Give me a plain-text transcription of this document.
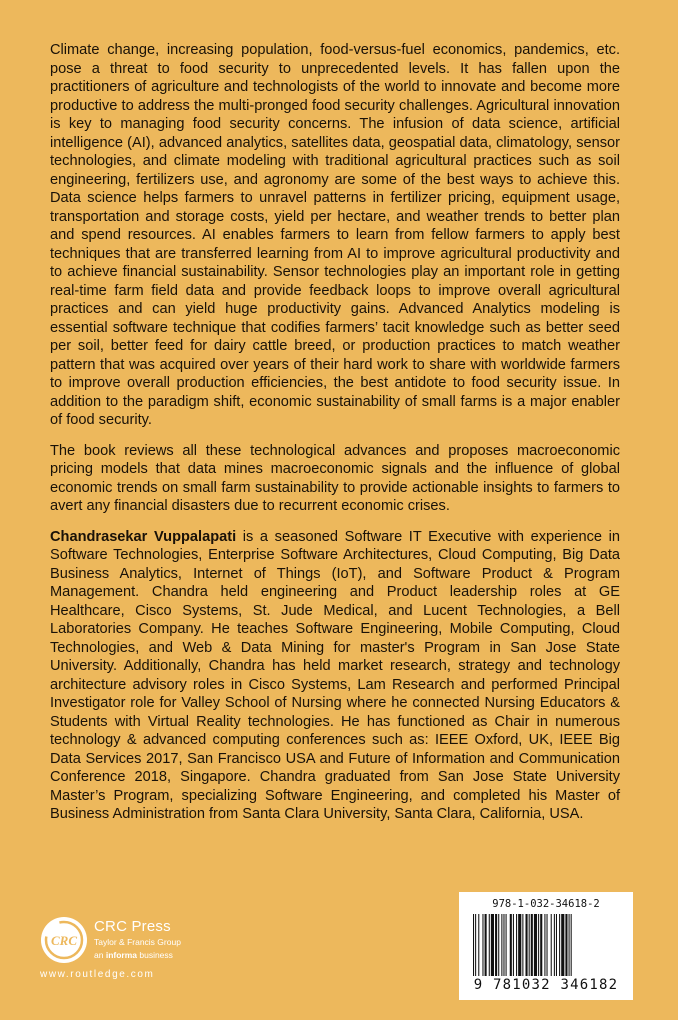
Climate change, increasing population, food-versus-fuel economics, pandemics, etc. pose a threat to food security to unprecedented levels. It has fallen upon the practitioners of agriculture and technologists of the world to innovate and become more productive to address the multi-pronged food security challenges. Agricultural innovation is key to managing food security concerns. The infusion of data science, artificial intelligence (AI), advanced analytics, satellites data, geospatial data, climatology, sensor technologies, and climate modeling with traditional agricultural practices such as soil engineering, fertilizers use, and agronomy are some of the best ways to achieve this. Data science helps farmers to unravel patterns in fertilizer pricing, equipment usage, transportation and storage costs, yield per hectare, and weather trends to better plan and spend resources. AI enables farmers to learn from fellow farmers to apply best techniques that are transferred learning from AI to improve agricultural productivity and to achieve financial sustainability. Sensor technologies play an important role in getting real-time farm field data and provide feedback loops to improve overall agricultural practices and can yield huge productivity gains. Advanced Analytics modeling is essential software technique that codifies farmers’ tacit knowledge such as better seed per soil, better feed for dairy cattle breed, or production practices to match weather pattern that was acquired over years of their hard work to share with worldwide farmers to improve overall production efficiencies, the best antidote to food security issue. In addition to the paradigm shift, economic sustainability of small farms is a major enabler of food security.

The book reviews all these technological advances and proposes macroeconomic pricing models that data mines macroeconomic signals and the influence of global economic trends on small farm sustainability to provide actionable insights to farmers to avert any financial disasters due to recurrent economic crises.

Chandrasekar Vuppalapati is a seasoned Software IT Executive with experience in Software Technologies, Enterprise Software Architectures, Cloud Computing, Big Data Business Analytics, Internet of Things (IoT), and Software Product & Program Management. Chandra held engineering and Product leadership roles at GE Healthcare, Cisco Systems, St. Jude Medical, and Lucent Technologies, a Bell Laboratories Company. He teaches Software Engineering, Mobile Computing, Cloud Technologies, and Web & Data Mining for master's Program in San Jose State University. Additionally, Chandra has held market research, strategy and technology architecture advisory roles in Cisco Systems, Lam Research and performed Principal Investigator role for Valley School of Nursing where he connected Nursing Educators & Students with Virtual Reality technologies. He has functioned as Chair in numerous technology & advanced computing conferences such as: IEEE Oxford, UK, IEEE Big Data Services 2017, San Francisco USA and Future of Information and Communication Conference 2018, Singapore. Chandra graduated from San Jose State University Master’s Program, specializing Software Engineering, and completed his Master of Business Administration from Santa Clara University, Santa Clara, California, USA.

CRC
CRC Press
Taylor & Francis Group
an informa business
www.routledge.com
978-1-032-34618-2
9 781032 346182
